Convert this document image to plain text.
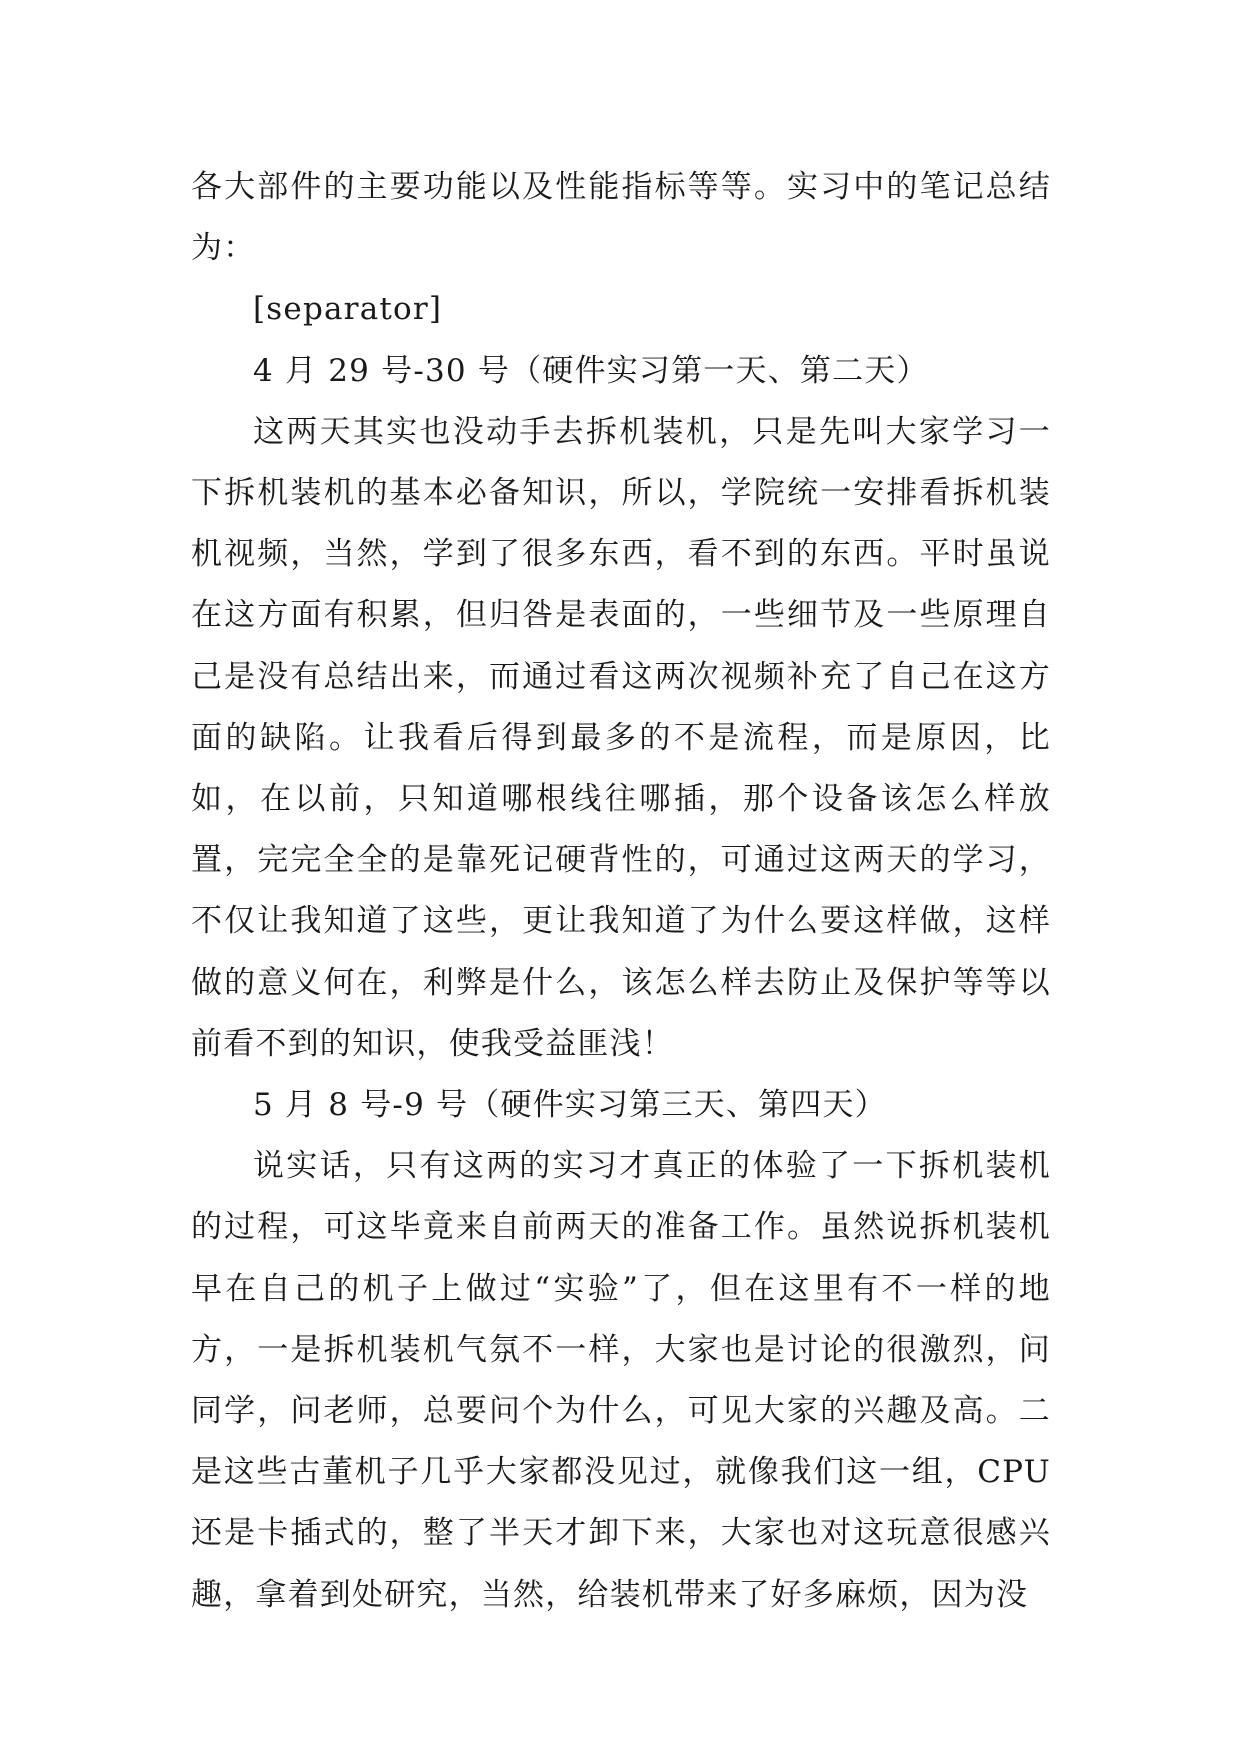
各大部件的主要功能以及性能指标等等。实习中的笔记总结为：

[separator]

4 月 29 号-30 号（硬件实习第一天、第二天）

这两天其实也没动手去拆机装机，只是先叫大家学习一下拆机装机的基本必备知识，所以，学院统一安排看拆机装机视频，当然，学到了很多东西，看不到的东西。平时虽说在这方面有积累，但归咎是表面的，一些细节及一些原理自己是没有总结出来，而通过看这两次视频补充了自己在这方面的缺陷。让我看后得到最多的不是流程，而是原因，比如，在以前，只知道哪根线往哪插，那个设备该怎么样放置，完完全全的是靠死记硬背性的，可通过这两天的学习，不仅让我知道了这些，更让我知道了为什么要这样做，这样做的意义何在，利弊是什么，该怎么样去防止及保护等等以前看不到的知识，使我受益匪浅！

5 月 8 号-9 号（硬件实习第三天、第四天）

说实话，只有这两的实习才真正的体验了一下拆机装机的过程，可这毕竟来自前两天的准备工作。虽然说拆机装机早在自己的机子上做过“实验”了，但在这里有不一样的地方，一是拆机装机气氛不一样，大家也是讨论的很激烈，问同学，问老师，总要问个为什么，可见大家的兴趣及高。二是这些古董机子几乎大家都没见过，就像我们这一组，CPU 还是卡插式的，整了半天才卸下来，大家也对这玩意很感兴趣，拿着到处研究，当然，给装机带来了好多麻烦，因为没
